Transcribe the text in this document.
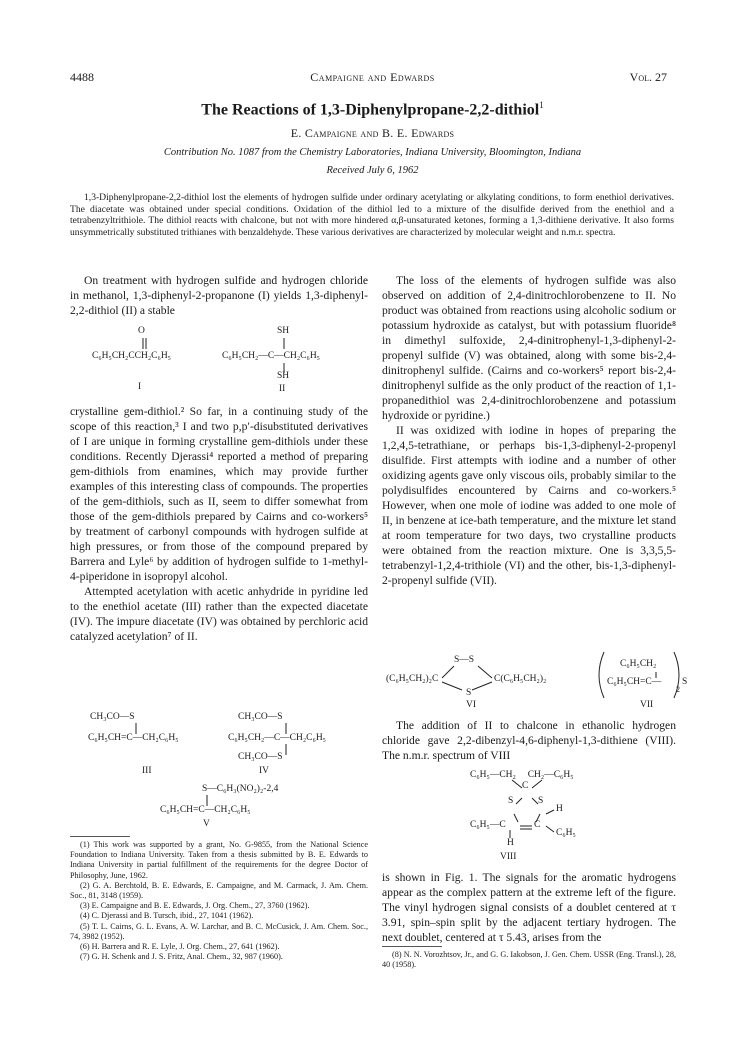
4488	Campaigne and Edwards	Vol. 27
The Reactions of 1,3-Diphenylpropane-2,2-dithiol$^1$
E. Campaigne and B. E. Edwards
Contribution No. 1087 from the Chemistry Laboratories, Indiana University, Bloomington, Indiana
Received July 6, 1962

1,3-Diphenylpropane-2,2-dithiol lost the elements of hydrogen sulfide under ordinary acetylating or alkylating conditions, to form enethiol derivatives. The diacetate was obtained under special conditions. Oxidation of the dithiol led to a mixture of the disulfide derived from the enethiol and a tetrabenzyltrithiole. The dithiol reacts with chalcone, but not with more hindered α,β-unsaturated ketones, forming a 1,3-dithiene derivative. It also forms unsymmetrically substituted trithianes with benzaldehyde. These various derivatives are characterized by molecular weight and n.m.r. spectra.

On treatment with hydrogen sulfide and hydrogen chloride in methanol, 1,3-diphenyl-2-propanone (I) yields 1,3-diphenyl-2,2-dithiol (II) a stable

O
C₆H₅CH₂CCH₂C₆H₅
I
SH
C₆H₅CH₂—C—CH₂C₆H₅
SH
II

crystalline gem-dithiol.² So far, in a continuing study of the scope of this reaction,³ I and two p,p′-disubstituted derivatives of I are unique in forming crystalline gem-dithiols under these conditions. Recently Djerassi⁴ reported a method of preparing gem-dithiols from enamines, which may provide further examples of this interesting class of compounds. The properties of the gem-dithiols, such as II, seem to differ somewhat from those of the gem-dithiols prepared by Cairns and co-workers⁵ by treatment of carbonyl compounds with hydrogen sulfide at high pressures, or from those of the compound prepared by Barrera and Lyle⁶ by addition of hydrogen sulfide to 1-methyl-4-piperidone in isopropyl alcohol.

Attempted acetylation with acetic anhydride in pyridine led to the enethiol acetate (III) rather than the expected diacetate (IV). The impure diacetate (IV) was obtained by perchloric acid catalyzed acetylation⁷ of II.

CH₃CO—S
C₆H₅CH=C—CH₂C₆H₅
III
CH₃CO—S
C₆H₅CH₂—C—CH₂C₆H₅
CH₃CO—S
IV
S—C₆H₃(NO₂)₂-2,4
C₆H₅CH=C—CH₂C₆H₅
V

(1) This work was supported by a grant, No. G-9855, from the National Science Foundation to Indiana University. Taken from a thesis submitted by B. E. Edwards to Indiana University in partial fulfillment of the requirements for the degree Doctor of Philosophy, June, 1962.

(2) G. A. Berchtold, B. E. Edwards, E. Campaigne, and M. Carmack, J. Am. Chem. Soc., 81, 3148 (1959).

(3) E. Campaigne and B. E. Edwards, J. Org. Chem., 27, 3760 (1962).

(4) C. Djerassi and B. Tursch, ibid., 27, 1041 (1962).

(5) T. L. Cairns, G. L. Evans, A. W. Larchar, and B. C. McCusick, J. Am. Chem. Soc., 74, 3982 (1952).

(6) H. Barrera and R. E. Lyle, J. Org. Chem., 27, 641 (1962).

(7) G. H. Schenk and J. S. Fritz, Anal. Chem., 32, 987 (1960).

The loss of the elements of hydrogen sulfide was also observed on addition of 2,4-dinitrochlorobenzene to II. No product was obtained from reactions using alcoholic sodium or potassium hydroxide as catalyst, but with potassium fluoride⁸ in dimethyl sulfoxide, 2,4-dinitrophenyl-1,3-diphenyl-2-propenyl sulfide (V) was obtained, along with some bis-2,4-dinitrophenyl sulfide. (Cairns and co-workers⁵ report bis-2,4-dinitrophenyl sulfide as the only product of the reaction of 1,1-propanedithiol was 2,4-dinitrochlorobenzene and potassium hydroxide or pyridine.)

II was oxidized with iodine in hopes of preparing the 1,2,4,5-tetrathiane, or perhaps bis-1,3-diphenyl-2-propenyl disulfide. First attempts with iodine and a number of other oxidizing agents gave only viscous oils, probably similar to the polydisulfides encountered by Cairns and co-workers.⁵ However, when one mole of iodine was added to one mole of II, in benzene at ice-bath temperature, and the mixture let stand at room temperature for two days, two crystalline products were obtained from the reaction mixture. One is 3,3,5,5-tetrabenzyl-1,2,4-trithiole (VI) and the other, bis-1,3-diphenyl-2-propenyl sulfide (VII).

S—S
(C₆H₅CH₂)₂C	C(C₆H₅CH₂)₂
S
VI
C₆H₅CH₂
C₆H₅CH=C—
2
S
VII

The addition of II to chalcone in ethanolic hydrogen chloride gave 2,2-dibenzyl-4,6-diphenyl-1,3-dithiene (VIII). The n.m.r. spectrum of VIII

C₆H₅—CH₂     CH₂—C₆H₅
C
S	S
H
C₆H₅—C	C
C₆H₅
H
VIII

is shown in Fig. 1. The signals for the aromatic hydrogens appear as the complex pattern at the extreme left of the figure. The vinyl hydrogen signal consists of a doublet centered at τ 3.91, spin–spin split by the adjacent tertiary hydrogen. The next doublet, centered at τ 5.43, arises from the

(8) N. N. Vorozhtsov, Jr., and G. G. Iakobson, J. Gen. Chem. USSR (Eng. Transl.), 28, 40 (1958).
